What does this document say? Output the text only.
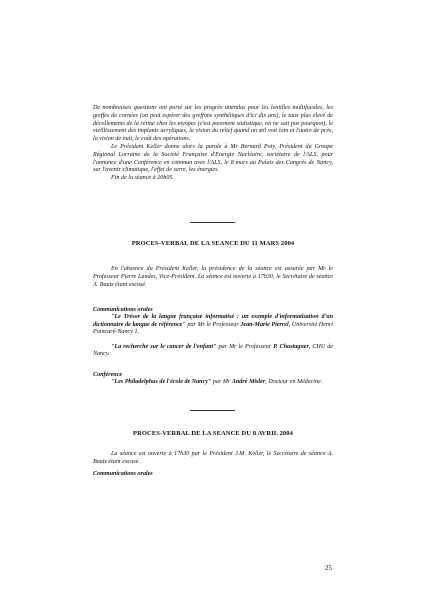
De nombreuses questions ont porté sur les progrès attendus pour les lentilles multifocales, les greffes de cornées (on peut espérer des greffons synthétiques d'ici dix ans), le taux plus élevé de décollements de la rétine chez les myopes (c'est purement statistique, on ne sait pas pourquoi), le vieillissement des implants acryliques, la vision du relief quand un œil voit loin et l'autre de près, la vision de nuit, le coût des opérations.

Le Président Keller donne alors la parole à Mr Bernard Poty, Président du Groupe Régional Lorraine de la Société Française d'Energie Nucléaire, sociétaire de l'ALS, pour l'annonce d'une Conférence en commun avec l'ALS, le 8 mars au Palais des Congrès de Nancy, sur l'avenir climatique, l'effet de serre, les énergies.

Fin de la séance à 20h05.

PROCES-VERBAL DE LA SEANCE DU 11 MARS 2004

En l'absence du Président Keller, la présidence de la séance est assurée par Mr le Professeur Pierre Landes, Vice-Président. La séance est ouverte à 17h30, le Secrétaire de séance A. Bautz étant excusé.

Communications orales

"Le Trésor de la langue française informatisé : un exemple d'informatisation d'un dictionnaire de langue de référence" par Mr le Professeur Jean-Marie Pierrel, Université Henri Poincaré-Nancy 1.

"La recherche sur le cancer de l'enfant" par Mr le Professeur P. Chastagner, CHU de Nancy.

Conférence

"Les Philadelphus de l'école de Nancy" par Mr André Misler, Docteur en Médecine.

PROCES-VERBAL DE LA SEANCE DU 8 AVRIL 2004

La séance est ouverte à 17h30 par le Président J.M. Keller, le Secrétaire de séance A. Bautz étant excusé.

Communications orales

25
